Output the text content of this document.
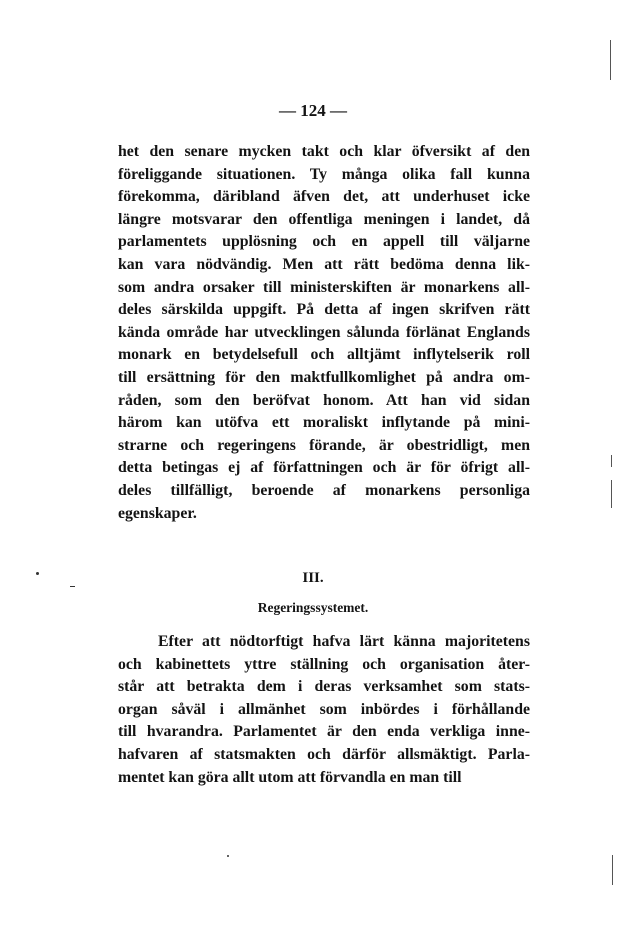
— 124 —
het den senare mycken takt och klar öfversikt af den
föreliggande situationen. Ty många olika fall kunna
förekomma, däribland äfven det, att underhuset icke
längre motsvarar den offentliga meningen i landet, då
parlamentets upplösning och en appell till väljarne
kan vara nödvändig. Men att rätt bedöma denna lik-
som andra orsaker till ministerskiften är monarkens all-
deles särskilda uppgift. På detta af ingen skrifven rätt
kända område har utvecklingen sålunda förlänat Englands
monark en betydelsefull och alltjämt inflytelserik roll
till ersättning för den maktfullkomlighet på andra om-
råden, som den beröfvat honom. Att han vid sidan
härom kan utöfva ett moraliskt inflytande på mini-
strarne och regeringens förande, är obestridligt, men
detta betingas ej af författningen och är för öfrigt all-
deles tillfälligt, beroende af monarkens personliga
egenskaper.
III.
Regeringssystemet.
Efter att nödtorftigt hafva lärt känna majoritetens
och kabinettets yttre ställning och organisation åter-
står att betrakta dem i deras verksamhet som stats-
organ såväl i allmänhet som inbördes i förhållande
till hvarandra. Parlamentet är den enda verkliga inne-
hafvaren af statsmakten och därför allsmäktigt. Parla-
mentet kan göra allt utom att förvandla en man till
